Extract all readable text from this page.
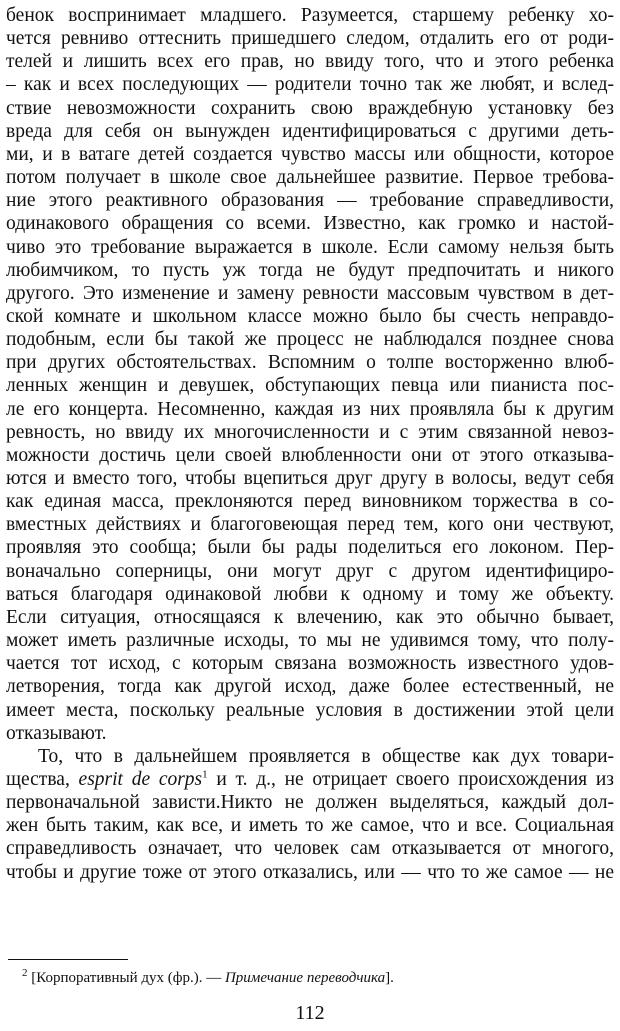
бенок воспринимает младшего. Разумеется, старшему ребенку хо-
чется ревниво оттеснить пришедшего следом, отдалить его от роди-
телей и лишить всех его прав, но ввиду того, что и этого ребенка
– как и всех последующих — родители точно так же любят, и вслед-
ствие невозможности сохранить свою враждебную установку без
вреда для себя он вынужден идентифицироваться с другими деть-
ми, и в ватаге детей создается чувство массы или общности, которое
потом получает в школе свое дальнейшее развитие. Первое требова-
ние этого реактивного образования — требование справедливости,
одинакового обращения со всеми. Известно, как громко и настой-
чиво это требование выражается в школе. Если самому нельзя быть
любимчиком, то пусть уж тогда не будут предпочитать и никого
другого. Это изменение и замену ревности массовым чувством в дет-
ской комнате и школьном классе можно было бы счесть неправдо-
подобным, если бы такой же процесс не наблюдался позднее снова
при других обстоятельствах. Вспомним о толпе восторженно влюб-
ленных женщин и девушек, обступающих певца или пианиста пос-
ле его концерта. Несомненно, каждая из них проявляла бы к другим
ревность, но ввиду их многочисленности и с этим связанной невоз-
можности достичь цели своей влюбленности они от этого отказыва-
ются и вместо того, чтобы вцепиться друг другу в волосы, ведут себя
как единая масса, преклоняются перед виновником торжества в со-
вместных действиях и благоговеющая перед тем, кого они чествуют,
проявляя это сообща; были бы рады поделиться его локоном. Пер-
воначально соперницы, они могут друг с другом идентифициро-
ваться благодаря одинаковой любви к одному и тому же объекту.
Если ситуация, относящаяся к влечению, как это обычно бывает,
может иметь различные исходы, то мы не удивимся тому, что полу-
чается тот исход, с которым связана возможность известного удов-
летворения, тогда как другой исход, даже более естественный, не
имеет места, поскольку реальные условия в достижении этой цели
отказывают.
То, что в дальнейшем проявляется в обществе как дух товари-
щества, esprit de corps$^1$ и т. д., не отрицает своего происхождения из
первоначальной зависти.Никто не должен выделяться, каждый дол-
жен быть таким, как все, и иметь то же самое, что и все. Социальная
справедливость означает, что человек сам отказывается от многого,
чтобы и другие тоже от этого отказались, или — что то же самое — не
$^2$ [Корпоративный дух (фр.). — Примечание переводчика].
112
